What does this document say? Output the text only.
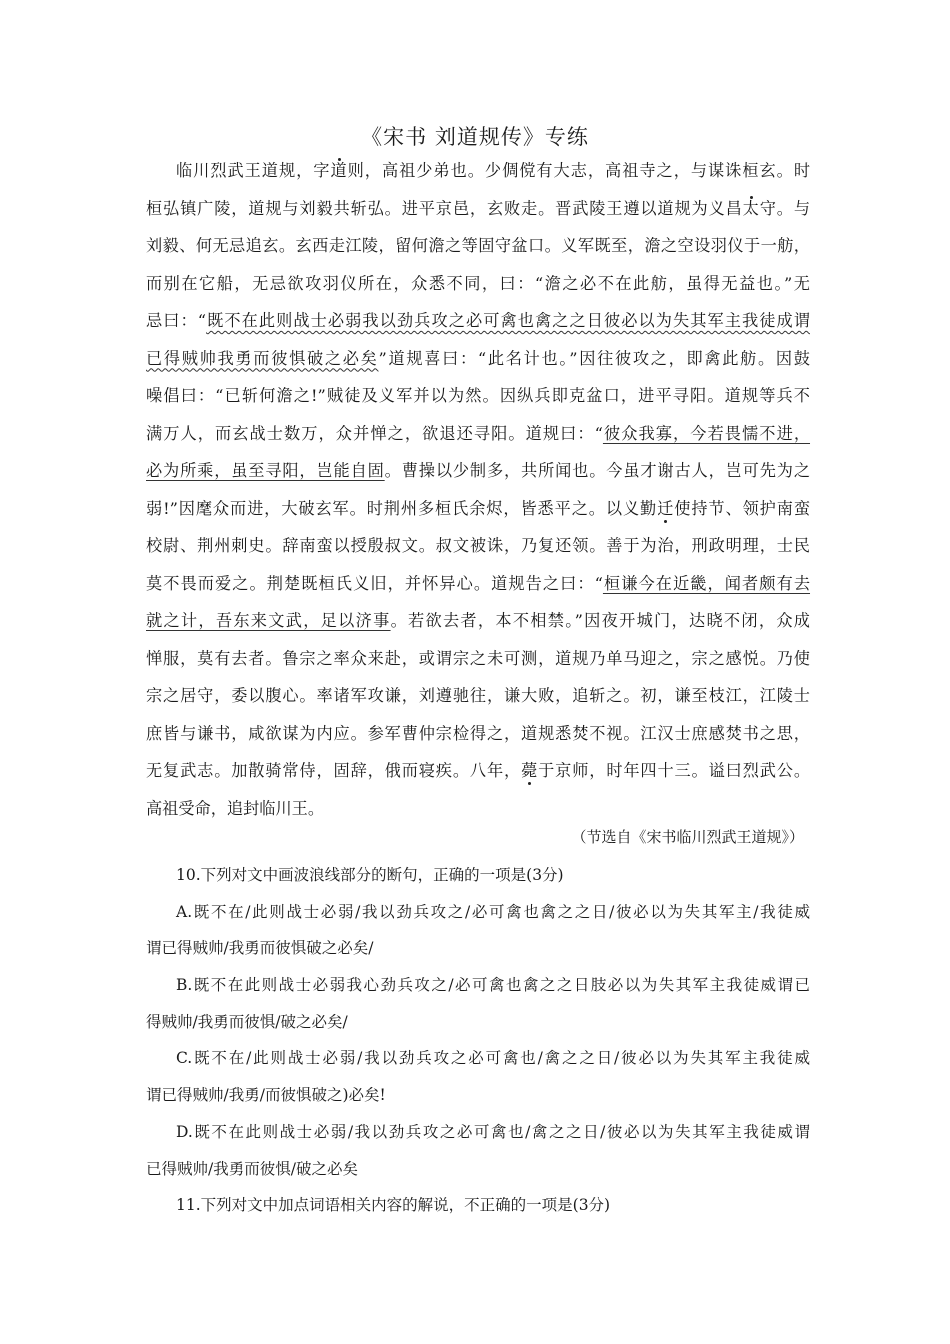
《宋书 刘道规传》专练
临川烈武王道规，字道则，高祖少弟也。少倜傥有大志，高祖寺之，与谋诛桓玄。时
桓弘镇广陵，道规与刘毅共斩弘。进平京邑，玄败走。晋武陵王遵以道规为义昌太守。与
刘毅、何无忌追玄。玄西走江陵，留何澹之等固守盆口。义军既至，澹之空设羽仪于一舫，
而别在它船，无忌欲攻羽仪所在，众悉不同，曰：“澹之必不在此舫，虽得无益也。”无
忌曰：“既不在此则战士必弱我以劲兵攻之必可禽也禽之之日彼必以为失其军主我徒成谓
已得贼帅我勇而彼惧破之必矣”道规喜曰：“此名计也。”因往彼攻之，即禽此舫。因鼓
噪倡曰：“已斩何澹之!”贼徒及义军并以为然。因纵兵即克盆口，进平寻阳。道规等兵不
满万人，而玄战士数万，众并惮之，欲退还寻阳。道规曰：“彼众我寡，今若畏懦不进，
必为所乘，虽至寻阳，岂能自固。曹操以少制多，共所闻也。今虽才谢古人，岂可先为之
弱!”因麾众而进，大破玄军。时荆州多桓氏余烬，皆悉平之。以义勤迁使持节、领护南蛮
校尉、荆州刺史。辞南蛮以授殷叔文。叔文被诛，乃复还领。善于为治，刑政明理，士民
莫不畏而爱之。荆楚既桓氏义旧，并怀异心。道规告之曰：“桓谦今在近畿，闻者颇有去
就之计，吾东来文武，足以济事。若欲去者，本不相禁。”因夜开城门，达晓不闭，众成
惮服，莫有去者。鲁宗之率众来赴，或谓宗之未可测，道规乃单马迎之，宗之感悦。乃使
宗之居守，委以腹心。率诸军攻谦，刘遵驰往，谦大败，追斩之。初，谦至枝江，江陵士
庶皆与谦书，咸欲谋为内应。参军曹仲宗检得之，道规悉焚不视。江汉士庶感焚书之思，
无复武志。加散骑常侍，固辞，俄而寝疾。八年，薨于京师，时年四十三。谥曰烈武公。
高祖受命，追封临川王。
（节选自《宋书临川烈武王道规》）
10.下列对文中画波浪线部分的断句，正确的一项是(3分)
A.既不在/此则战士必弱/我以劲兵攻之/必可禽也禽之之日/彼必以为失其军主/我徒威
谓已得贼帅/我勇而彼惧破之必矣/
B.既不在此则战士必弱我心劲兵攻之/必可禽也禽之之日肢必以为失其军主我徒威谓已
得贼帅/我勇而彼惧/破之必矣/
C.既不在/此则战士必弱/我以劲兵攻之必可禽也/禽之之日/彼必以为失其军主我徒威
谓已得贼帅/我勇/而彼惧破之)必矣!
D.既不在此则战士必弱/我以劲兵攻之必可禽也/禽之之日/彼必以为失其军主我徒威谓
已得贼帅/我勇而彼惧/破之必矣
11.下列对文中加点词语相关内容的解说，不正确的一项是(3分)
